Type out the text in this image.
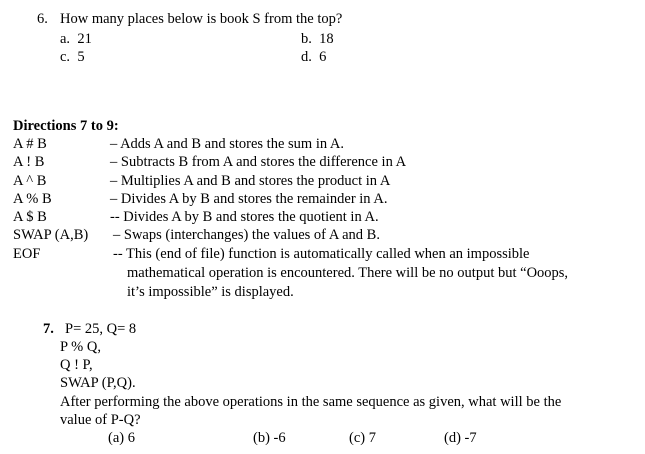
6. How many places below is book S from the top?
a. 21	b. 18
c. 5	d. 6
Directions 7 to 9:
A # B	– Adds A and B and stores the sum in A.
A ! B	– Subtracts B from A and stores the difference in A
A ^ B	– Multiplies A and B and stores the product in A
A % B	– Divides A by B and stores the remainder in A.
A $ B	-- Divides A by B and stores the quotient in A.
SWAP (A,B) – Swaps (interchanges) the values of A and B.
EOF	-- This (end of file) function is automatically called when an impossible
mathematical operation is encountered. There will be no output but “Ooops,
it’s impossible” is displayed.
7. P= 25, Q= 8
P % Q,
Q ! P,
SWAP (P,Q).
After performing the above operations in the same sequence as given, what will be the
value of P-Q?
(a) 6	(b) -6	(c) 7	(d) -7
